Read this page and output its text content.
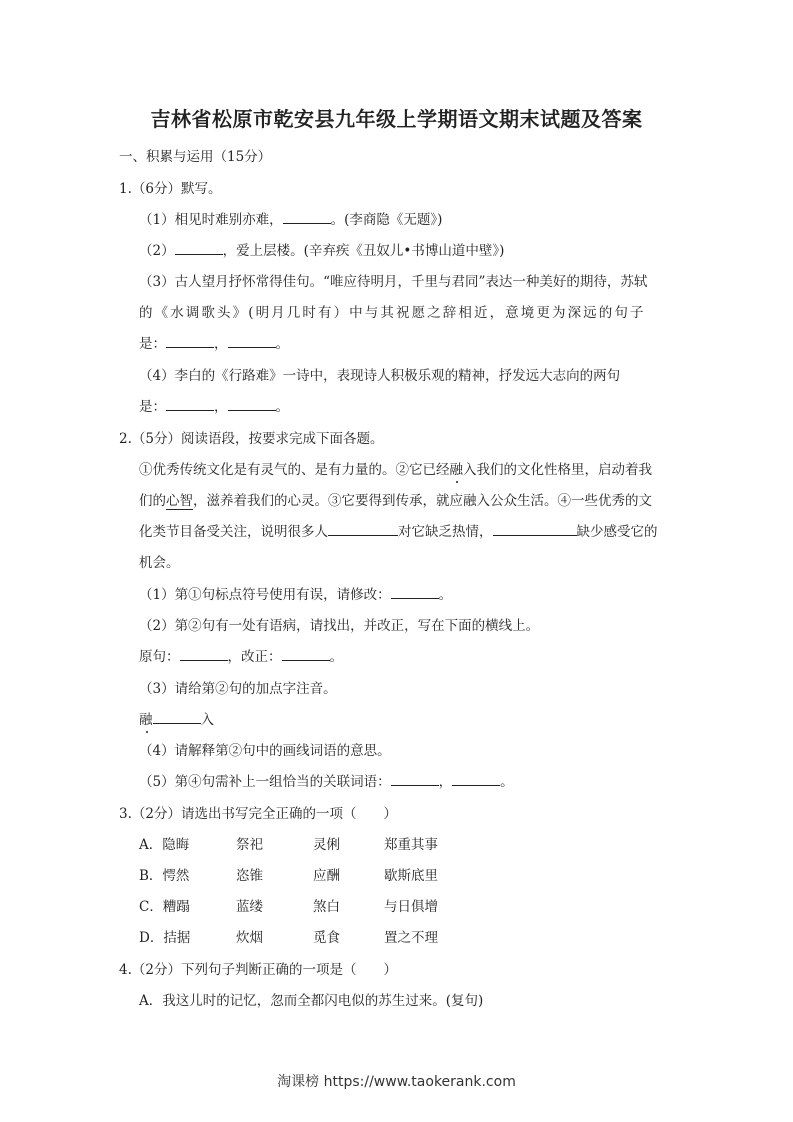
吉林省松原市乾安县九年级上学期语文期末试题及答案
一、积累与运用（15分）
1.（6分）默写。
（1）相见时难别亦难，	。(李商隐《无题》)
（2）	，爱上层楼。(辛弃疾《丑奴儿•书博山道中壁》)
（3）古人望月抒怀常得佳句。“唯应待明月，千里与君同”表达一种美好的期待，苏轼
的《水调歌头》(明月几时有）中与其祝愿之辞相近，意境更为深远的句子
是：	，	。
（4）李白的《行路难》一诗中，表现诗人积极乐观的精神，抒发远大志向的两句
是：	，	。
2.（5分）阅读语段，按要求完成下面各题。
①优秀传统文化是有灵气的、是有力量的。②它已经融入我们的文化性格里，启动着我
们的心智，滋养着我们的心灵。③它要得到传承，就应融入公众生活。④一些优秀的文
化类节目备受关注，说明很多人	对它缺乏热情，	缺少感受它的
机会。
（1）第①句标点符号使用有误，请修改：	。
（2）第②句有一处有语病，请找出，并改正，写在下面的横线上。
原句：	，改正：	。
（3）请给第②句的加点字注音。
融	入
（4）请解释第②句中的画线词语的意思。
（5）第④句需补上一组恰当的关联词语：	，	。
3.（2分）请选出书写完全正确的一项（　　）
A．隐晦	祭祀	灵俐	郑重其事
B．愕然	恣锥	应酬	歇斯底里
C．糟蹋	蓝缕	煞白	与日俱增
D．拮据	炊烟	觅食	置之不理
4.（2分）下列句子判断正确的一项是（　　）
A．我这儿时的记忆，忽而全都闪电似的苏生过来。(复句)
淘课榜 https://www.taokerank.com
